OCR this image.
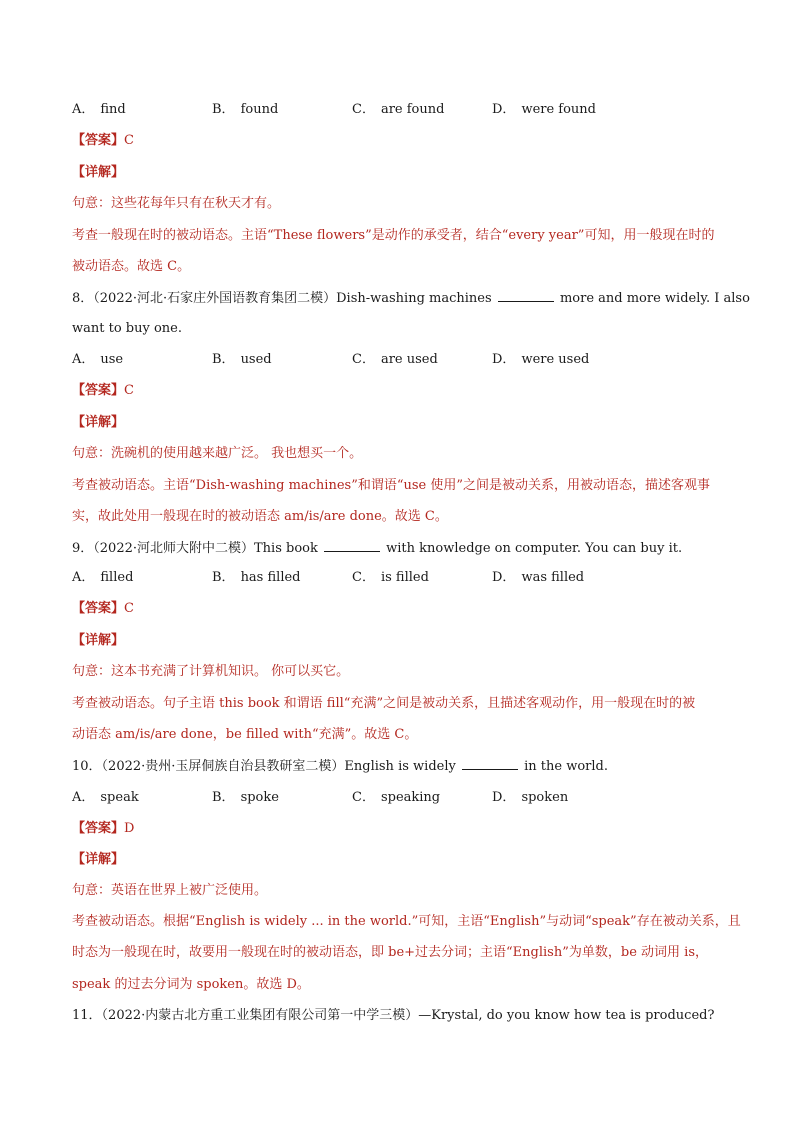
A． find	B． found	C． are found	D． were found
【答案】C
【详解】
句意：这些花每年只有在秋天才有。
考查一般现在时的被动语态。主语“These flowers”是动作的承受者，结合“every year”可知，用一般现在时的
被动语态。故选 C。
8．（2022·河北·石家庄外国语教育集团二模）Dish-washing machines	more and more widely. I also
want to buy one.
A． use	B． used	C． are used	D． were used
【答案】C
【详解】
句意：洗碗机的使用越来越广泛。 我也想买一个。
考查被动语态。主语“Dish-washing machines”和谓语“use 使用”之间是被动关系，用被动语态，描述客观事
实，故此处用一般现在时的被动语态 am/is/are done。故选 C。
9．（2022·河北师大附中二模）This book	with knowledge on computer. You can buy it.
A． filled	B． has filled	C． is filled	D． was filled
【答案】C
【详解】
句意：这本书充满了计算机知识。 你可以买它。
考查被动语态。句子主语 this book 和谓语 fill“充满”之间是被动关系，且描述客观动作，用一般现在时的被
动语态 am/is/are done，be filled with“充满”。故选 C。
10．（2022·贵州·玉屏侗族自治县教研室二模）English is widely	in the world.
A． speak	B． spoke	C． speaking	D． spoken
【答案】D
【详解】
句意：英语在世界上被广泛使用。
考查被动语态。根据“English is widely ... in the world.”可知，主语“English”与动词“speak”存在被动关系，且
时态为一般现在时，故要用一般现在时的被动语态，即 be+过去分词；主语“English”为单数，be 动词用 is，
speak 的过去分词为 spoken。故选 D。
11．（2022·内蒙古北方重工业集团有限公司第一中学三模）—Krystal, do you know how tea is produced?
